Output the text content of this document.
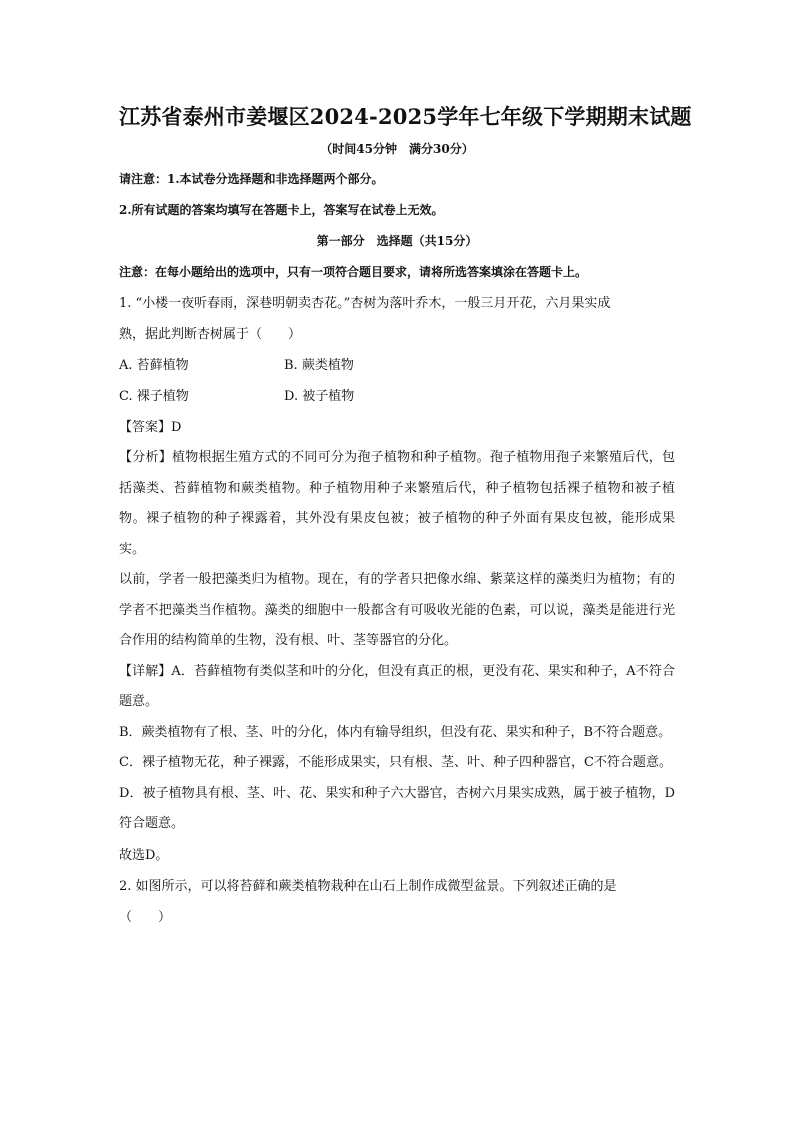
江苏省泰州市姜堰区2024-2025学年七年级下学期期末试题
（时间45分钟　满分30分）
请注意：1.本试卷分选择题和非选择题两个部分。
2.所有试题的答案均填写在答题卡上，答案写在试卷上无效。
第一部分　选择题（共15分）
注意：在每小题给出的选项中，只有一项符合题目要求，请将所选答案填涂在答题卡上。
1. “小楼一夜听春雨，深巷明朝卖杏花。”杏树为落叶乔木，一般三月开花，六月果实成
熟，据此判断杏树属于（　　）
A. 苔藓植物	B. 蕨类植物
C. 裸子植物	D. 被子植物
【答案】D
【分析】植物根据生殖方式的不同可分为孢子植物和种子植物。孢子植物用孢子来繁殖后代，包括藻类、苔藓植物和蕨类植物。种子植物用种子来繁殖后代，种子植物包括裸子植物和被子植物。裸子植物的种子裸露着，其外没有果皮包被；被子植物的种子外面有果皮包被，能形成果实。
以前，学者一般把藻类归为植物。现在，有的学者只把像水绵、紫菜这样的藻类归为植物；有的学者不把藻类当作植物。藻类的细胞中一般都含有可吸收光能的色素，可以说，藻类是能进行光合作用的结构简单的生物，没有根、叶、茎等器官的分化。
【详解】A．苔藓植物有类似茎和叶的分化，但没有真正的根，更没有花、果实和种子，A不符合题意。
B．蕨类植物有了根、茎、叶的分化，体内有输导组织，但没有花、果实和种子，B不符合题意。
C．裸子植物无花，种子裸露，不能形成果实，只有根、茎、叶、种子四种器官，C不符合题意。
D．被子植物具有根、茎、叶、花、果实和种子六大器官，杏树六月果实成熟，属于被子植物，D符合题意。
故选D。
2. 如图所示，可以将苔藓和蕨类植物栽种在山石上制作成微型盆景。下列叙述正确的是
（　　）
